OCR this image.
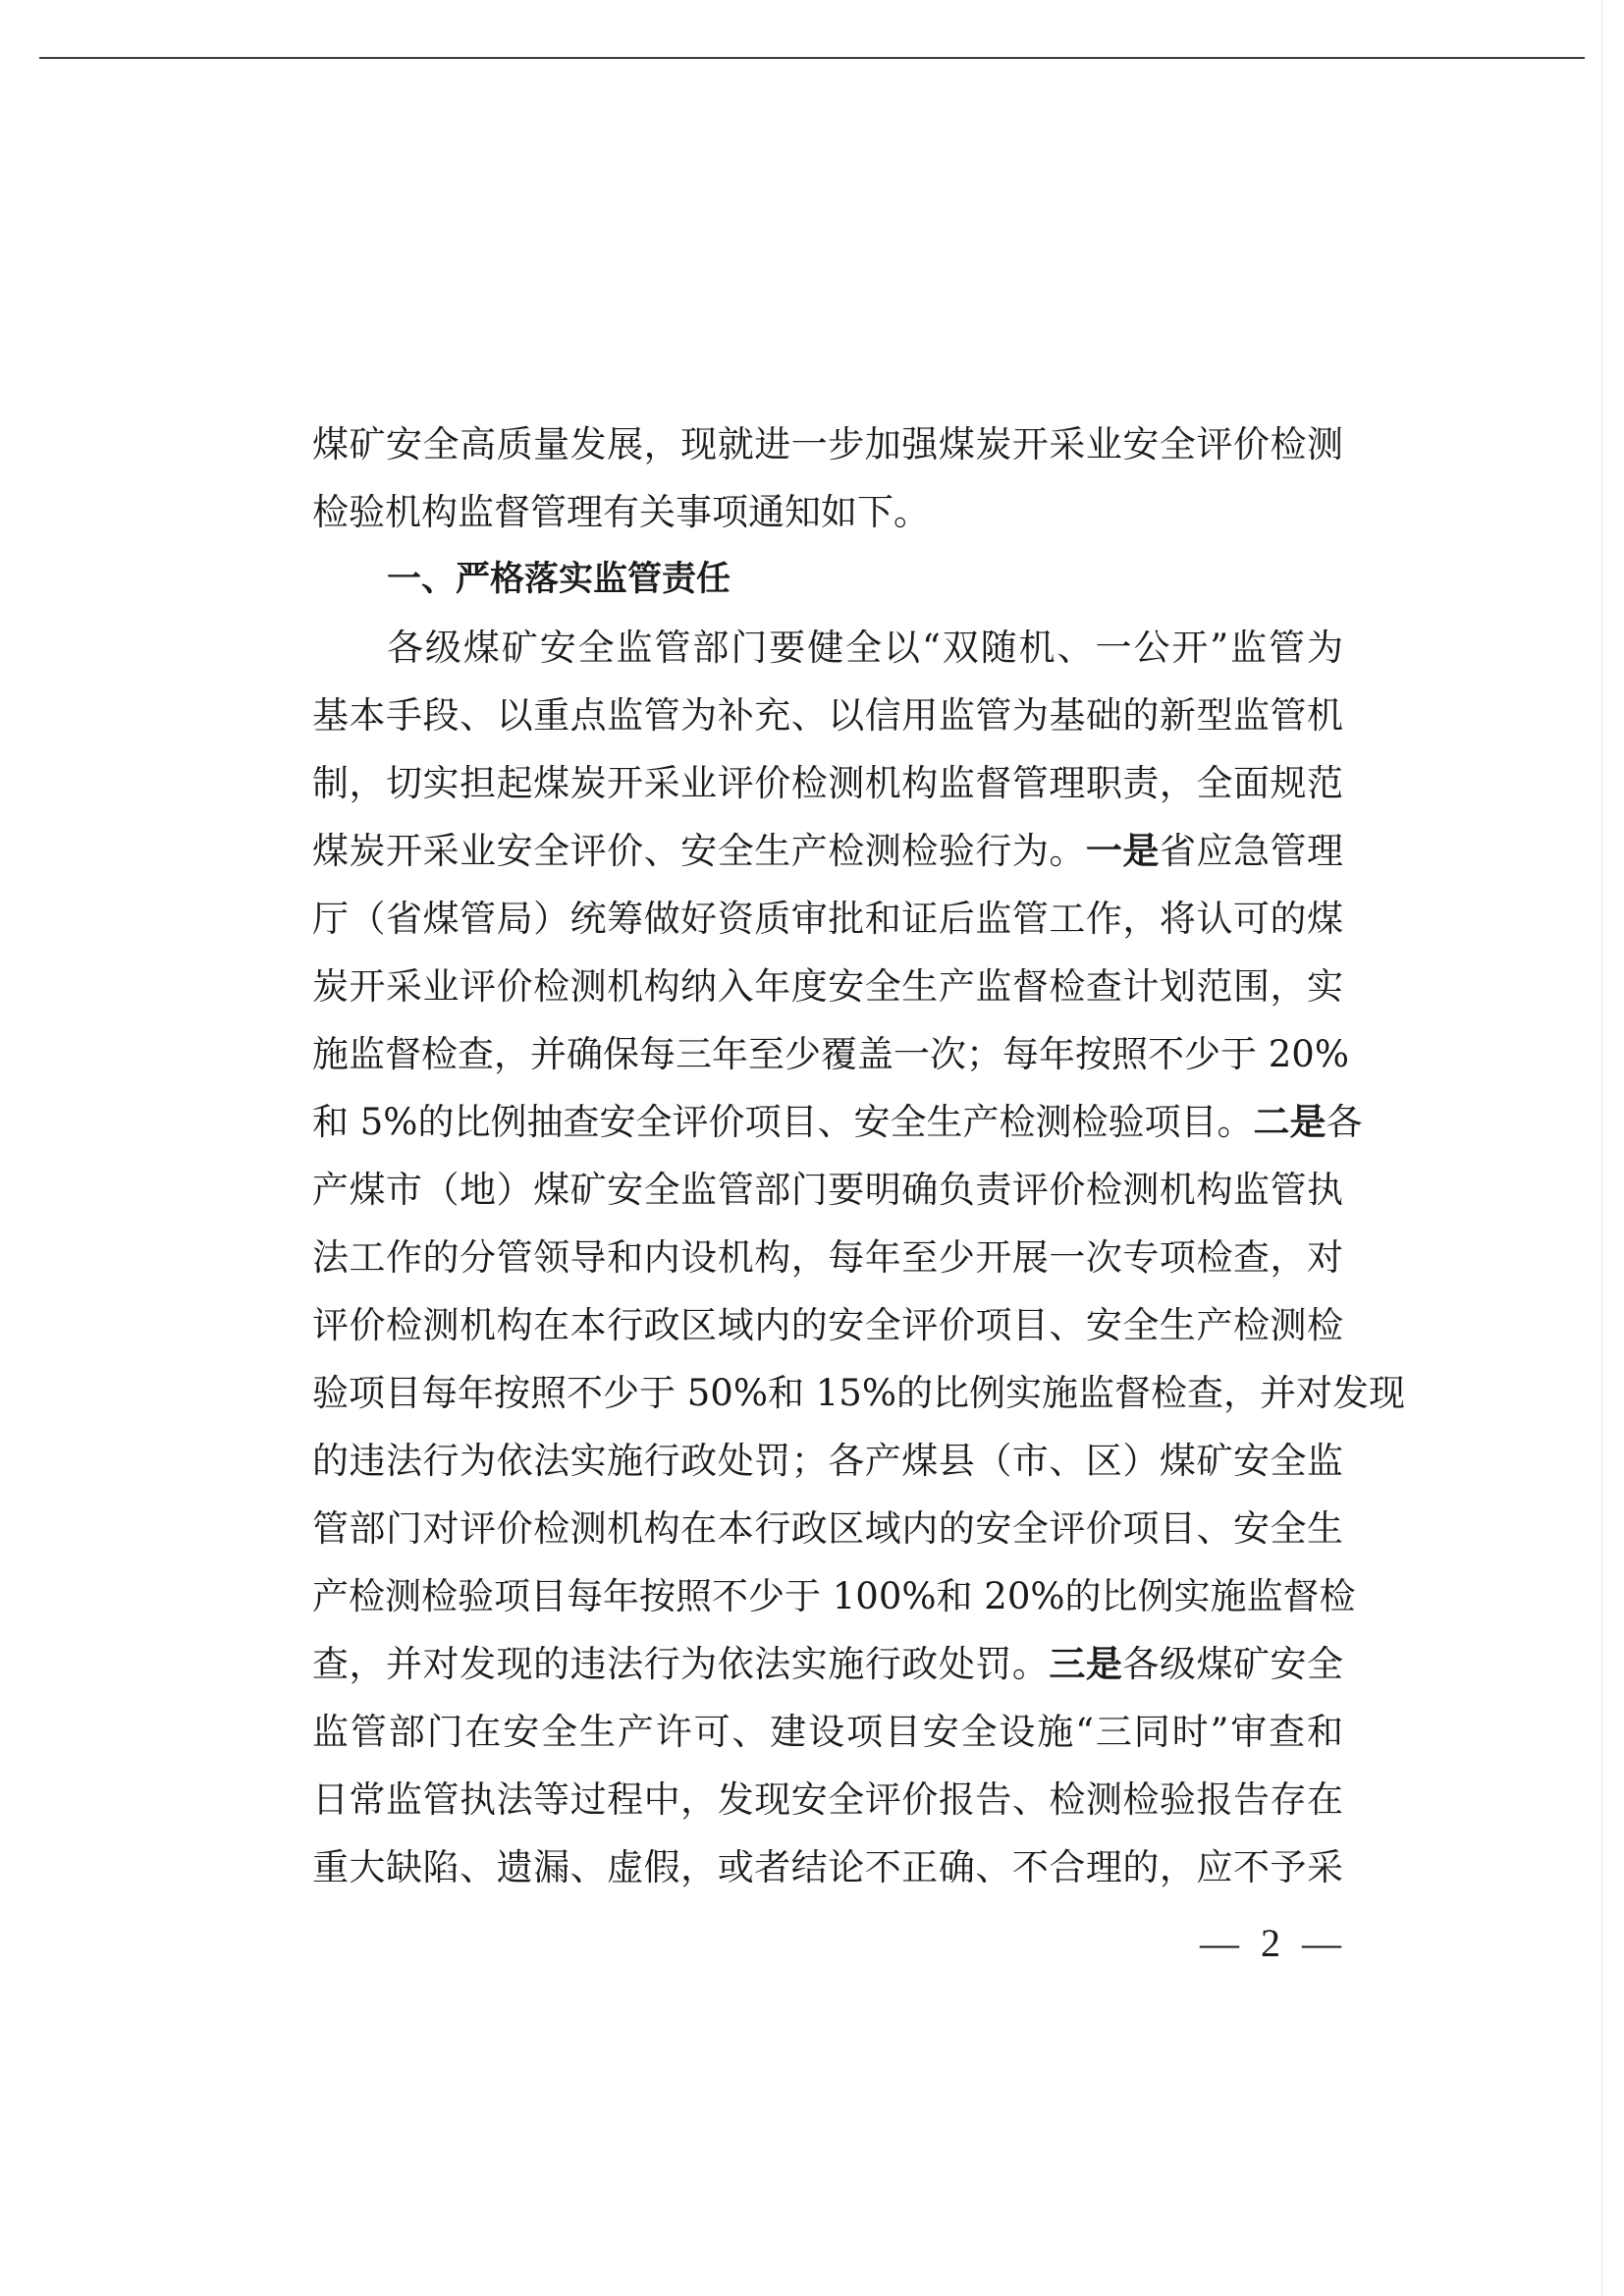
煤矿安全高质量发展，现就进一步加强煤炭开采业安全评价检测
检验机构监督管理有关事项通知如下。
一、严格落实监管责任
各级煤矿安全监管部门要健全以“双随机、一公开”监管为
基本手段、以重点监管为补充、以信用监管为基础的新型监管机
制，切实担起煤炭开采业评价检测机构监督管理职责，全面规范
煤炭开采业安全评价、安全生产检测检验行为。一是省应急管理
厅（省煤管局）统筹做好资质审批和证后监管工作，将认可的煤
炭开采业评价检测机构纳入年度安全生产监督检查计划范围，实
施监督检查，并确保每三年至少覆盖一次；每年按照不少于 20%
和 5%的比例抽查安全评价项目、安全生产检测检验项目。二是各
产煤市（地）煤矿安全监管部门要明确负责评价检测机构监管执
法工作的分管领导和内设机构，每年至少开展一次专项检查，对
评价检测机构在本行政区域内的安全评价项目、安全生产检测检
验项目每年按照不少于 50%和 15%的比例实施监督检查，并对发现
的违法行为依法实施行政处罚；各产煤县（市、区）煤矿安全监
管部门对评价检测机构在本行政区域内的安全评价项目、安全生
产检测检验项目每年按照不少于 100%和 20%的比例实施监督检
查，并对发现的违法行为依法实施行政处罚。三是各级煤矿安全
监管部门在安全生产许可、建设项目安全设施“三同时”审查和
日常监管执法等过程中，发现安全评价报告、检测检验报告存在
重大缺陷、遗漏、虚假，或者结论不正确、不合理的，应不予采
— 2 —
